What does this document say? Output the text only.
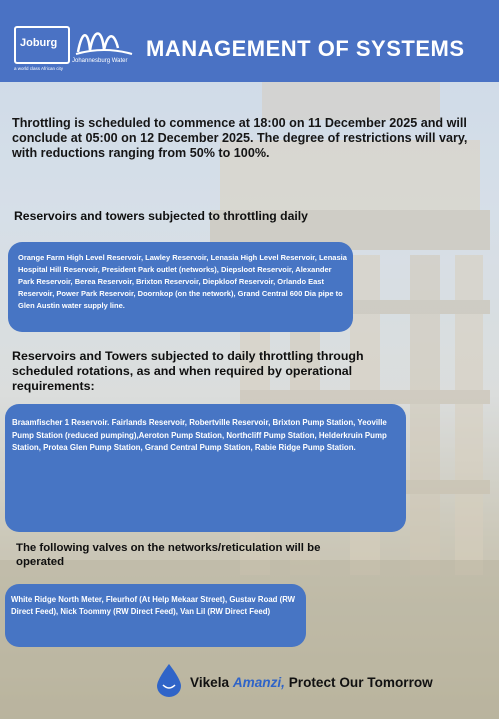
Joburg
a world class African city
Johannesburg Water MANAGEMENT OF SYSTEMS
Throttling is scheduled to commence at 18:00 on 11 December 2025 and will conclude at 05:00 on 12 December 2025. The degree of restrictions will vary, with reductions ranging from 50% to 100%.
Reservoirs and towers subjected to throttling daily
Orange Farm High Level Reservoir, Lawley Reservoir, Lenasia High Level Reservoir, Lenasia Hospital Hill Reservoir, President Park outlet (networks), Diepsloot Reservoir, Alexander Park Reservoir, Berea Reservoir, Brixton Reservoir, Diepkloof Reservoir, Orlando East Reservoir, Power Park Reservoir, Doornkop (on the network), Grand Central 600 Dia pipe to Glen Austin water supply line.
Reservoirs and Towers subjected to daily throttling through scheduled rotations, as and when required by operational requirements:
Braamfischer 1 Reservoir. Fairlands Reservoir, Robertville Reservoir, Brixton Pump Station, Yeoville Pump Station (reduced pumping),Aeroton Pump Station, Northcliff Pump Station, Helderkruin Pump Station, Protea Glen Pump Station, Grand Central Pump Station, Rabie Ridge Pump Station.
The following valves on the networks/reticulation will be operated
White Ridge North Meter, Fleurhof (At Help Mekaar Street), Gustav Road (RW Direct Feed), Nick Toommy (RW Direct Feed), Van Lil (RW Direct Feed)
Vikela Amanzi, Protect Our Tomorrow
